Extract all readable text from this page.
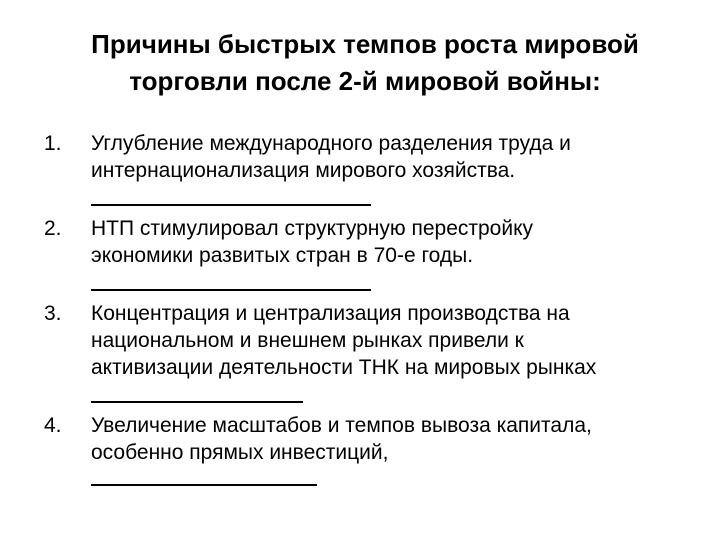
Причины быстрых темпов роста мировой
торговли после 2-й мировой войны:
1.	Углубление международного разделения труда и
интернационализация мирового хозяйства.
2.	НТП стимулировал структурную перестройку
экономики развитых стран в 70-е годы.
3.	Концентрация и централизация производства на
национальном и внешнем рынках привели к
активизации деятельности ТНК на мировых рынках
4.	Увеличение масштабов и темпов вывоза капитала,
особенно прямых инвестиций,
